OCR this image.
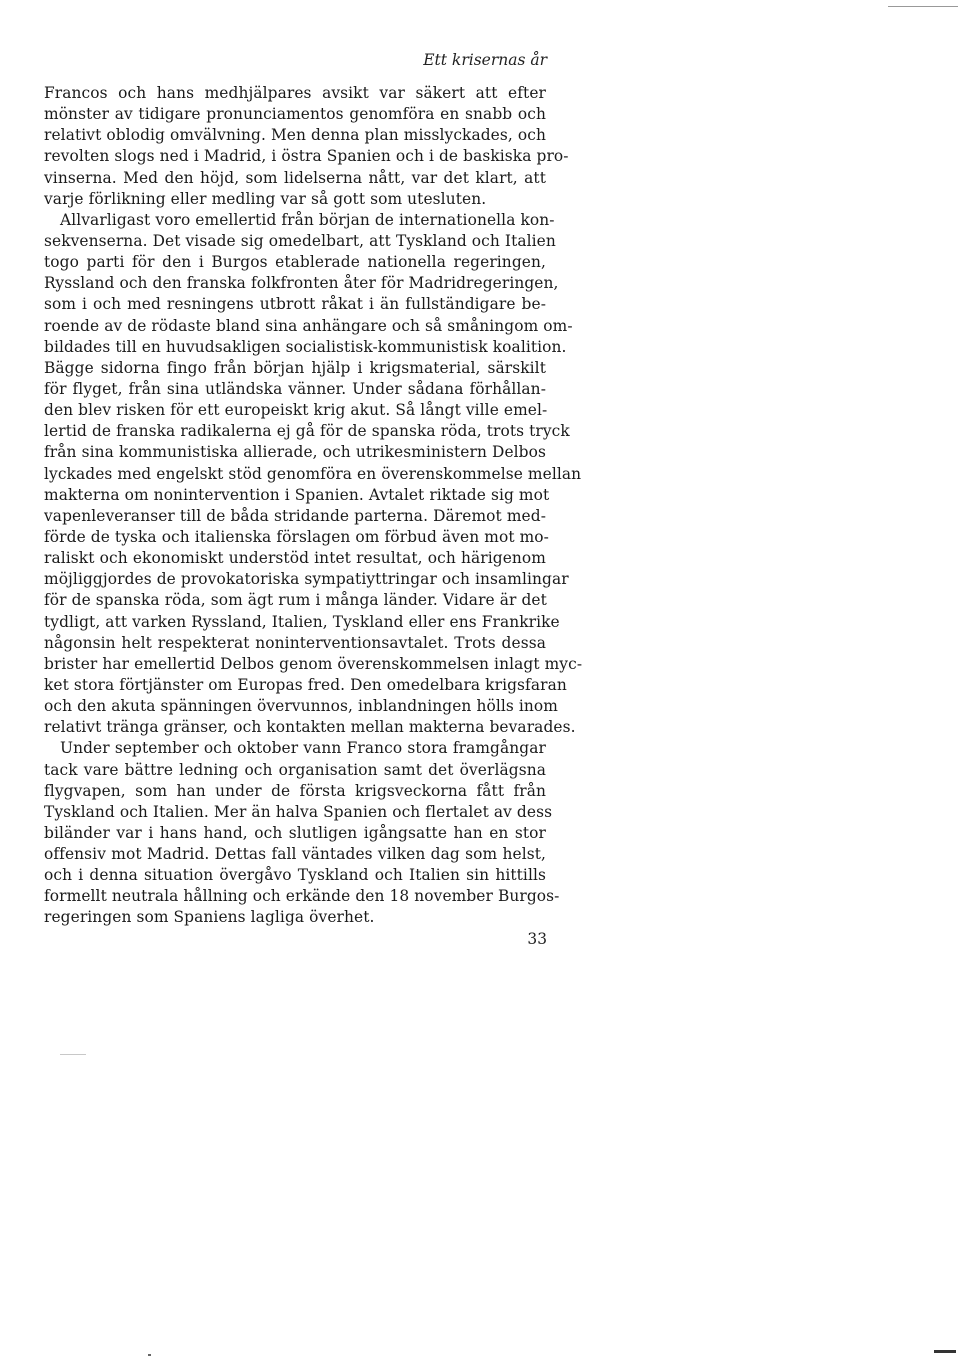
Ett krisernas år
Francos och hans medhjälpares avsikt var säkert att efter
mönster av tidigare pronunciamentos genomföra en snabb och
relativt oblodig omvälvning. Men denna plan misslyckades, och
revolten slogs ned i Madrid, i östra Spanien och i de baskiska pro-
vinserna. Med den höjd, som lidelserna nått, var det klart, att
varje förlikning eller medling var så gott som utesluten.
Allvarligast voro emellertid från början de internationella kon-
sekvenserna. Det visade sig omedelbart, att Tyskland och Italien
togo parti för den i Burgos etablerade nationella regeringen,
Ryssland och den franska folkfronten åter för Madridregeringen,
som i och med resningens utbrott råkat i än fullständigare be-
roende av de rödaste bland sina anhängare och så småningom om-
bildades till en huvudsakligen socialistisk-kommunistisk koalition.
Bägge sidorna fingo från början hjälp i krigsmaterial, särskilt
för flyget, från sina utländska vänner. Under sådana förhållan-
den blev risken för ett europeiskt krig akut. Så långt ville emel-
lertid de franska radikalerna ej gå för de spanska röda, trots tryck
från sina kommunistiska allierade, och utrikesministern Delbos
lyckades med engelskt stöd genomföra en överenskommelse mellan
makterna om nonintervention i Spanien. Avtalet riktade sig mot
vapenleveranser till de båda stridande parterna. Däremot med-
förde de tyska och italienska förslagen om förbud även mot mo-
raliskt och ekonomiskt understöd intet resultat, och härigenom
möjliggjordes de provokatoriska sympatiyttringar och insamlingar
för de spanska röda, som ägt rum i många länder. Vidare är det
tydligt, att varken Ryssland, Italien, Tyskland eller ens Frankrike
någonsin helt respekterat noninterventionsavtalet. Trots dessa
brister har emellertid Delbos genom överenskommelsen inlagt myc-
ket stora förtjänster om Europas fred. Den omedelbara krigsfaran
och den akuta spänningen övervunnos, inblandningen hölls inom
relativt tränga gränser, och kontakten mellan makterna bevarades.
Under september och oktober vann Franco stora framgångar
tack vare bättre ledning och organisation samt det överlägsna
flygvapen, som han under de första krigsveckorna fått från
Tyskland och Italien. Mer än halva Spanien och flertalet av dess
biländer var i hans hand, och slutligen igångsatte han en stor
offensiv mot Madrid. Dettas fall väntades vilken dag som helst,
och i denna situation övergåvo Tyskland och Italien sin hittills
formellt neutrala hållning och erkände den 18 november Burgos-
regeringen som Spaniens lagliga överhet.
33
